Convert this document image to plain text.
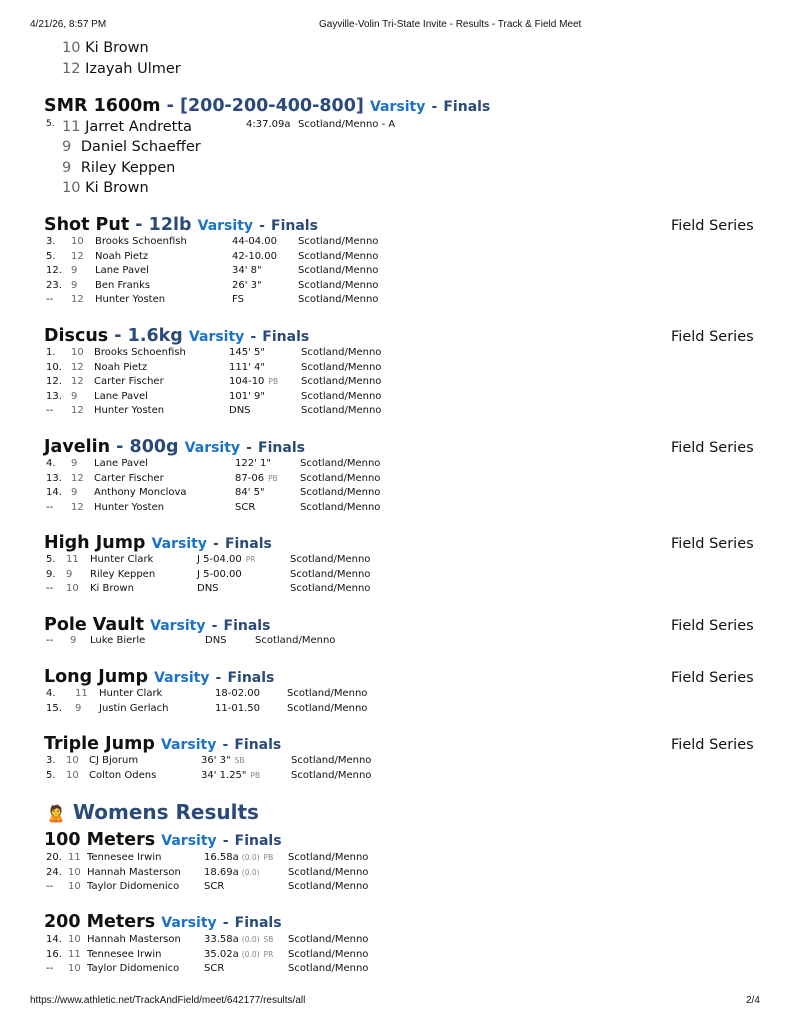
4/21/26, 8:57 PM	Gayville-Volin Tri-State Invite - Results - Track & Field Meet
10 Ki Brown
12 Izayah Ulmer
SMR 1600m - [200-200-400-800] Varsity - Finals
5.	4:37.09a Scotland/Menno - A
11 Jarret Andretta
9 Daniel Schaeffer
9 Riley Keppen
10 Ki Brown
Shot Put - 12lb Varsity - Finals	Field Series
3. 10 Brooks Schoenfish	44-04.00 Scotland/Menno
5. 12 Noah Pietz	42-10.00 Scotland/Menno
12. 9 Lane Pavel	34' 8"	Scotland/Menno
23. 9 Ben Franks	26' 3"	Scotland/Menno
-- 12 Hunter Yosten	FS	Scotland/Menno
Discus - 1.6kg Varsity - Finals	Field Series
1. 10 Brooks Schoenfish	145' 5"	Scotland/Menno
10. 12 Noah Pietz	111' 4"	Scotland/Menno
12. 12 Carter Fischer	104-10 PB Scotland/Menno
13. 9 Lane Pavel	101' 9"	Scotland/Menno
-- 12 Hunter Yosten	DNS	Scotland/Menno
Javelin - 800g Varsity - Finals	Field Series
4. 9 Lane Pavel	122' 1"	Scotland/Menno
13. 12 Carter Fischer	87-06 PB Scotland/Menno
14. 9 Anthony Monclova	84' 5"	Scotland/Menno
-- 12 Hunter Yosten	SCR	Scotland/Menno
High Jump Varsity - Finals	Field Series
5. 11 Hunter Clark	J 5-04.00 PR	Scotland/Menno
9. 9 Riley Keppen	J 5-00.00	Scotland/Menno
-- 10 Ki Brown	DNS	Scotland/Menno
Pole Vault Varsity - Finals	Field Series
-- 9 Luke Bierle	DNS	Scotland/Menno
Long Jump Varsity - Finals	Field Series
4. 11 Hunter Clark	18-02.00	Scotland/Menno
15. 9 Justin Gerlach	11-01.50	Scotland/Menno
Triple Jump Varsity - Finals	Field Series
3. 10 CJ Bjorum	36' 3" SB	Scotland/Menno
5. 10 Colton Odens	34' 1.25" PB	Scotland/Menno
🙎 Womens Results
100 Meters Varsity - Finals
20. 11 Tennesee Irwin	16.58a (0.0) PB Scotland/Menno
24. 10 Hannah Masterson 18.69a (0.0)	Scotland/Menno
-- 10 Taylor Didomenico SCR	Scotland/Menno
200 Meters Varsity - Finals
14. 10 Hannah Masterson 33.58a (0.0) SB Scotland/Menno
16. 11 Tennesee Irwin	35.02a (0.0) PR Scotland/Menno
-- 10 Taylor Didomenico SCR	Scotland/Menno
https://www.athletic.net/TrackAndField/meet/642177/results/all	2/4
